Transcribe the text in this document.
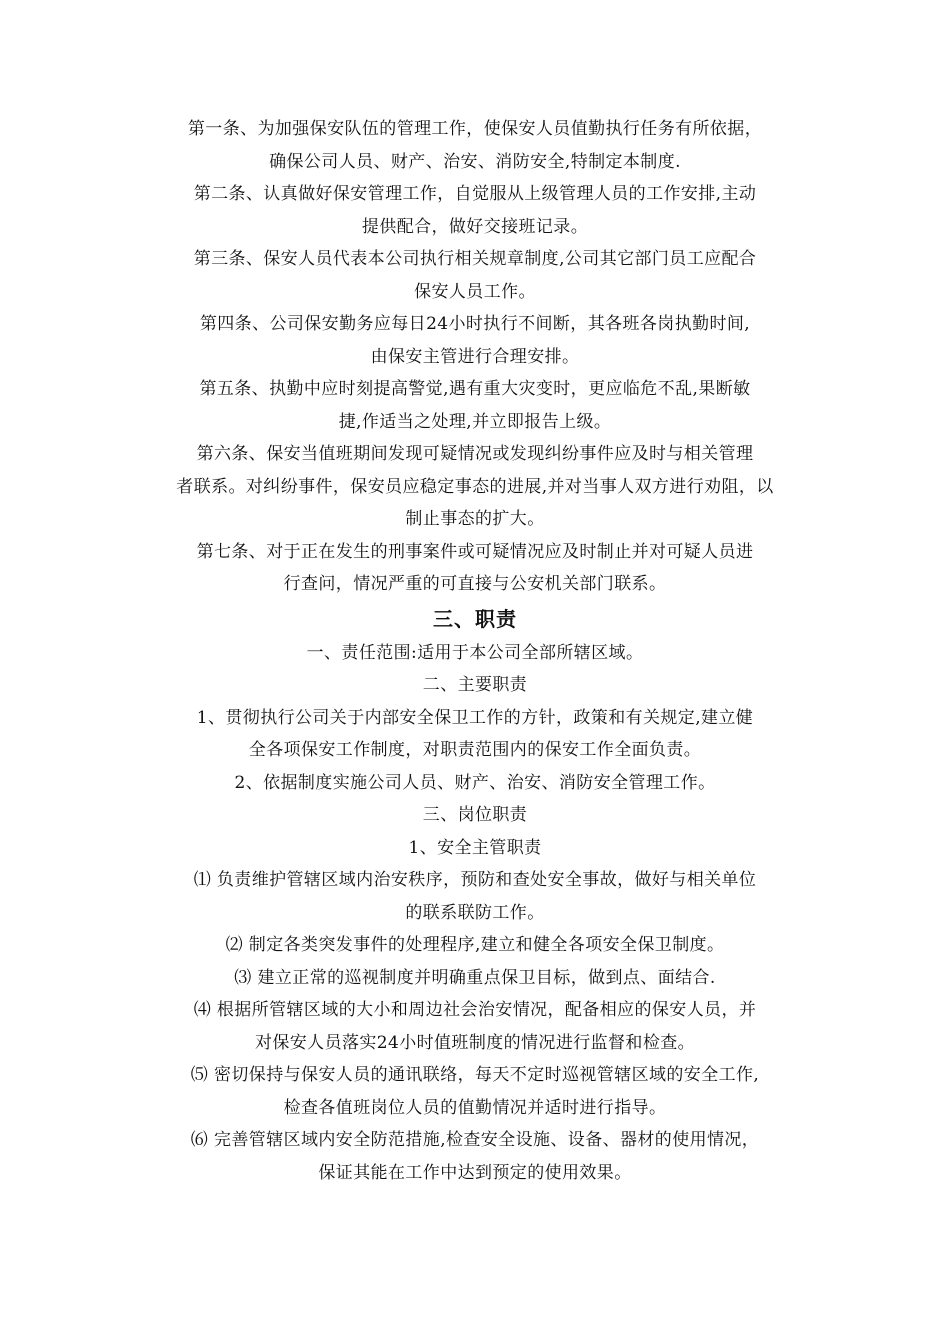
第一条、为加强保安队伍的管理工作，使保安人员值勤执行任务有所依据，

确保公司人员、财产、治安、消防安全,特制定本制度.

第二条、认真做好保安管理工作，自觉服从上级管理人员的工作安排,主动

提供配合，做好交接班记录。

第三条、保安人员代表本公司执行相关规章制度,公司其它部门员工应配合

保安人员工作。

第四条、公司保安勤务应每日24小时执行不间断，其各班各岗执勤时间,

由保安主管进行合理安排。

第五条、执勤中应时刻提高警觉,遇有重大灾变时，更应临危不乱,果断敏

捷,作适当之处理,并立即报告上级。

第六条、保安当值班期间发现可疑情况或发现纠纷事件应及时与相关管理

者联系。对纠纷事件，保安员应稳定事态的进展,并对当事人双方进行劝阻，以

制止事态的扩大。

第七条、对于正在发生的刑事案件或可疑情况应及时制止并对可疑人员进

行查问，情况严重的可直接与公安机关部门联系。

三、职责

一、责任范围:适用于本公司全部所辖区域。

二、主要职责

1、贯彻执行公司关于内部安全保卫工作的方针，政策和有关规定,建立健

全各项保安工作制度，对职责范围内的保安工作全面负责。

2、依据制度实施公司人员、财产、治安、消防安全管理工作。

三、岗位职责

1、安全主管职责

⑴ 负责维护管辖区域内治安秩序，预防和查处安全事故，做好与相关单位

的联系联防工作。

⑵ 制定各类突发事件的处理程序,建立和健全各项安全保卫制度。

⑶ 建立正常的巡视制度并明确重点保卫目标，做到点、面结合.

⑷ 根据所管辖区域的大小和周边社会治安情况，配备相应的保安人员，并

对保安人员落实24小时值班制度的情况进行监督和检查。

⑸ 密切保持与保安人员的通讯联络，每天不定时巡视管辖区域的安全工作,

检查各值班岗位人员的值勤情况并适时进行指导。

⑹ 完善管辖区域内安全防范措施,检查安全设施、设备、器材的使用情况，

保证其能在工作中达到预定的使用效果。
